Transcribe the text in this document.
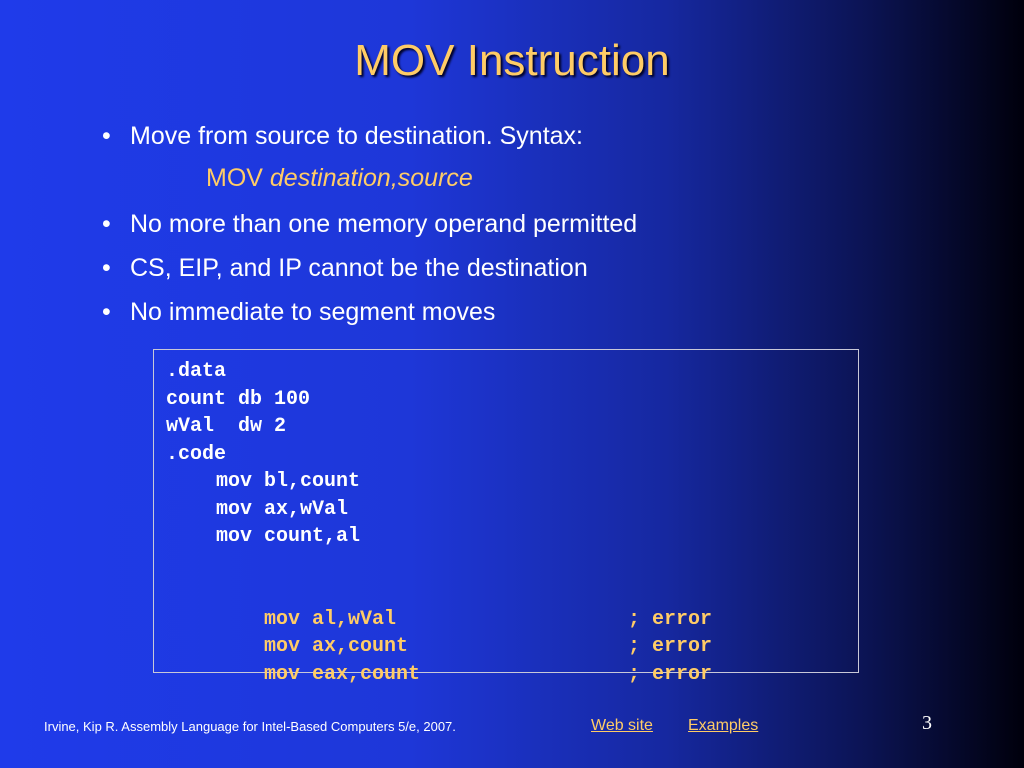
MOV Instruction
• Move from source to destination. Syntax:
• No more than one memory operand permitted
• CS, EIP, and IP cannot be the destination
• No immediate to segment moves
MOV destination,source
.data
count db 100
wVal  dw 2
.code
mov bl,count
mov ax,wVal
mov count,al

mov al,wVal	; error

mov ax,count	; error

mov eax,count	; error

Irvine, Kip R. Assembly Language for Intel-Based Computers 5/e, 2007.	Web site Examples	3
